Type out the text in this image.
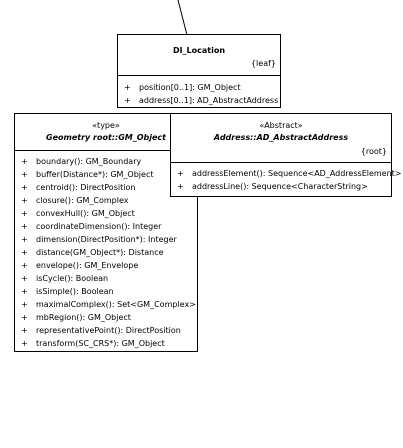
DI_Location
{leaf}
+ position[0..1]: GM_Object
+ address[0..1]: AD_AbstractAddress
«type»
Geometry root::GM_Object
+ boundary(): GM_Boundary
+ buffer(Distance*): GM_Object
+ centroid(): DirectPosition
+ closure(): GM_Complex
+ convexHull(): GM_Object
+ coordinateDimension(): Integer
+ dimension(DirectPosition*): Integer
+ distance(GM_Object*): Distance
+ envelope(): GM_Envelope
+ isCycle(): Boolean
+ isSimple(): Boolean
+ maximalComplex(): Set<GM_Complex>
+ mbRegion(): GM_Object
+ representativePoint(): DirectPosition
+ transform(SC_CRS*): GM_Object
«Abstract»
Address::AD_AbstractAddress
{root}
+ addressElement(): Sequence<AD_AddressElement>
+ addressLine(): Sequence<CharacterString>
